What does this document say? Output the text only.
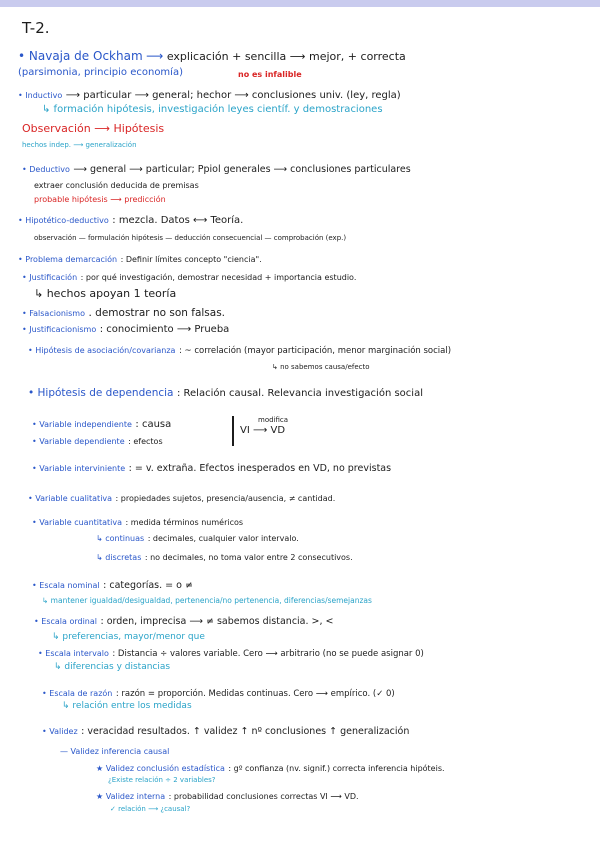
T-2.
• Navaja de Ockham ⟶ explicación + sencilla ⟶ mejor, + correcta
(parsimonia, principio economía)	no es infalible
• Inductivo ⟶ particular ⟶ general; hechor ⟶ conclusiones univ. (ley, regla)
↳ formación hipótesis, investigación leyes científ. y demostraciones
Observación ⟶ Hipótesis
hechos indep. ⟶ generalización
• Deductivo ⟶ general ⟶ particular; Ppiol generales ⟶ conclusiones particulares
extraer conclusión deducida de premisas
probable hipótesis ⟶ predicción
• Hipotético-deductivo : mezcla. Datos ⟷ Teoría.
observación — formulación hipótesis — deducción consecuencial — comprobación (exp.)
• Problema demarcación : Definir límites concepto "ciencia".
• Justificación : por qué investigación, demostrar necesidad + importancia estudio.
↳ hechos apoyan 1 teoría
• Falsacionismo . demostrar no son falsas.
• Justificacionismo : conocimiento ⟶ Prueba
• Hipótesis de asociación/covarianza : ~ correlación (mayor participación, menor marginación social)
↳ no sabemos causa/efecto
• Hipótesis de dependencia : Relación causal. Relevancia investigación social
• Variable independiente : causa
• Variable dependiente : efectos
VI ⟶ VD
modifica
• Variable interviniente : = v. extraña. Efectos inesperados en VD, no previstas
• Variable cualitativa : propiedades sujetos, presencia/ausencia, ≠ cantidad.
• Variable cuantitativa : medida términos numéricos
↳ continuas : decimales, cualquier valor intervalo.
↳ discretas : no decimales, no toma valor entre 2 consecutivos.
• Escala nominal : categorías. = o ≠
↳ mantener igualdad/desigualdad, pertenencia/no pertenencia, diferencias/semejanzas
• Escala ordinal : orden, imprecisa ⟶ ≠ sabemos distancia. >, <
↳ preferencias, mayor/menor que
• Escala intervalo : Distancia ÷ valores variable. Cero ⟶ arbitrario (no se puede asignar 0)
↳ diferencias y distancias
• Escala de razón : razón = proporción. Medidas continuas. Cero ⟶ empírico. (✓ 0)
↳ relación entre los medidas
• Validez : veracidad resultados. ↑ validez ↑ nº conclusiones ↑ generalización
— Validez inferencia causal
★ Validez conclusión estadística : gº confianza (nv. signif.) correcta inferencia hipóteis.
¿Existe relación ÷ 2 variables?
★ Validez interna : probabilidad conclusiones correctas VI ⟶ VD.
✓ relación ⟶ ¿causal?
